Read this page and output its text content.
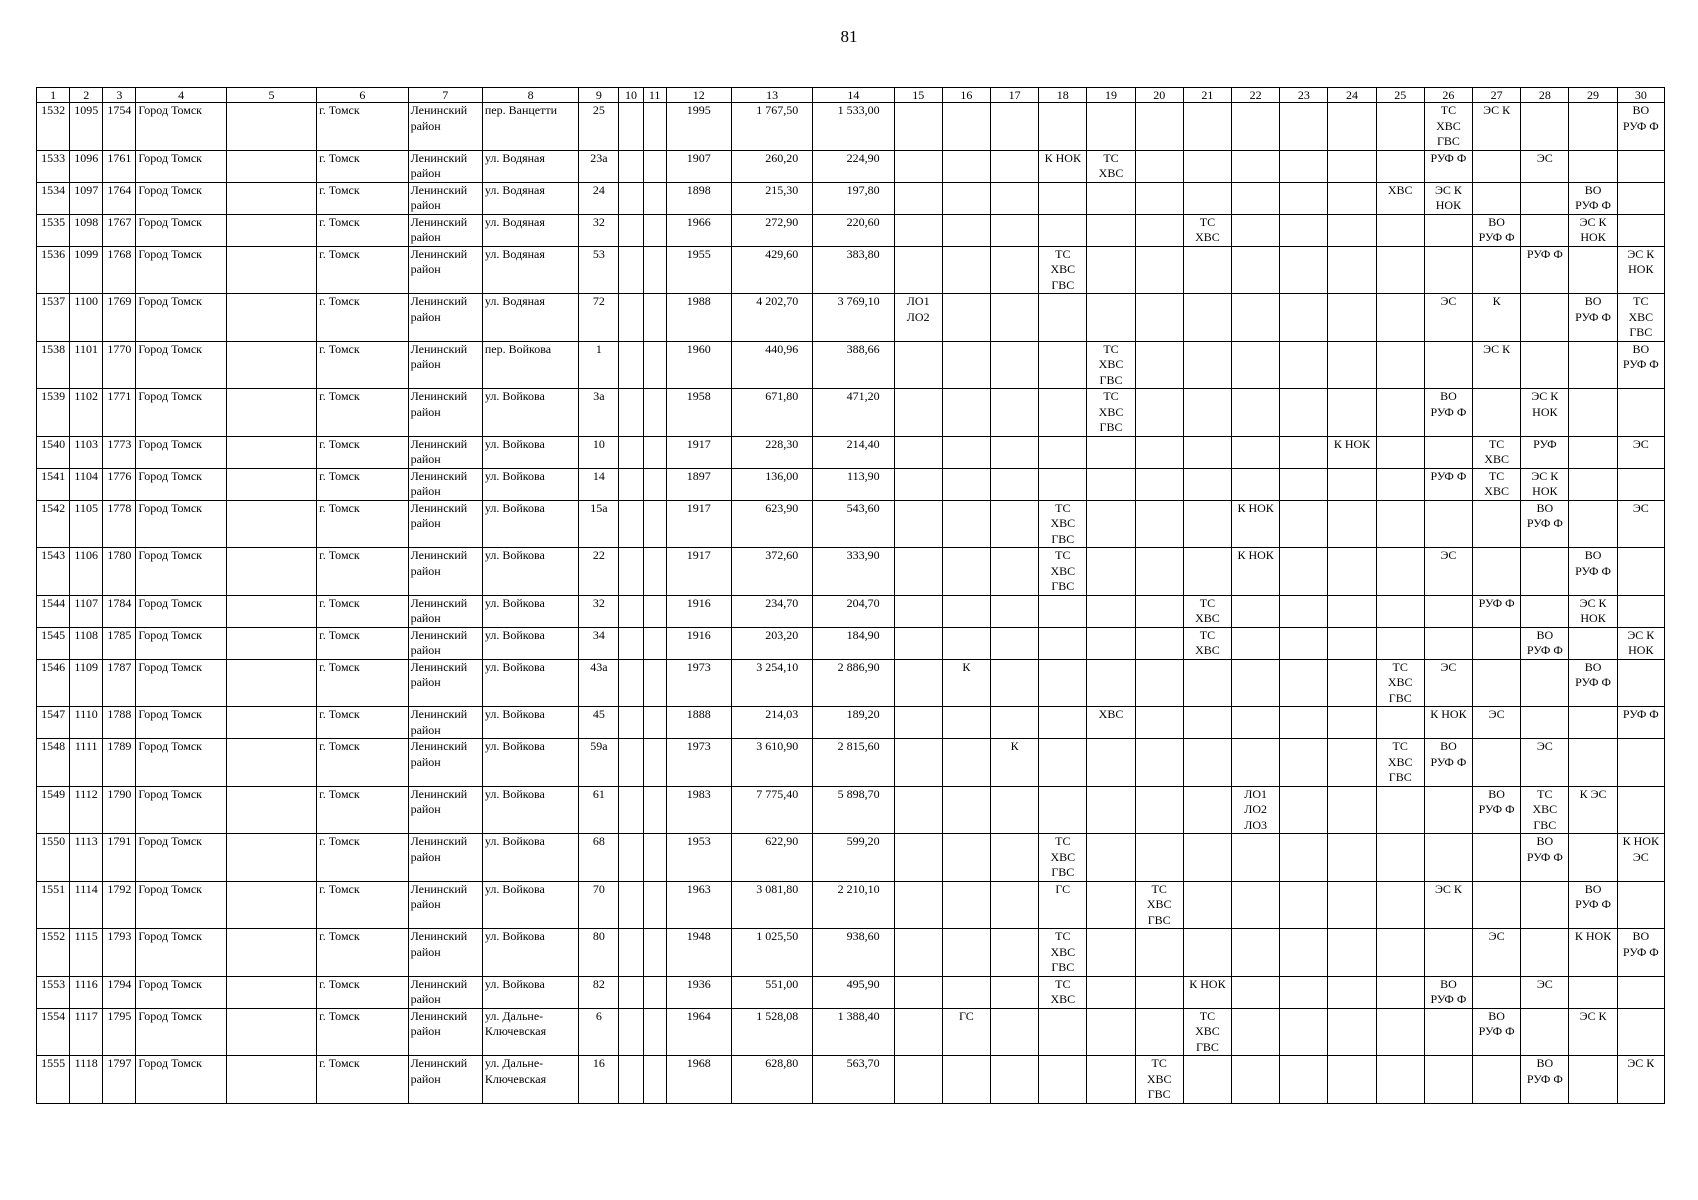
81
1	2	3	4	5	6	7	8	9	10	11	12	13	14	15	16	17	18	19	20	21	22	23	24	25	26	27	28	29	30
1532	1095	1754	Город Томск		г. Томск	Ленинский
район	пер. Ванцетти	25			1995	1 767,50	1 533,00												ТС
ХВС
ГВС	ЭС К			ВО
РУФ Ф
1533	1096	1761	Город Томск		г. Томск	Ленинский
район	ул. Водяная	23а			1907	260,20	224,90				К НОК	ТС
ХВС							РУФ Ф		ЭС		
1534	1097	1764	Город Томск		г. Томск	Ленинский
район	ул. Водяная	24			1898	215,30	197,80											ХВС	ЭС К
НОК			ВО
РУФ Ф	
1535	1098	1767	Город Томск		г. Томск	Ленинский
район	ул. Водяная	32			1966	272,90	220,60							ТС
ХВС						ВО
РУФ Ф		ЭС К
НОК	
1536	1099	1768	Город Томск		г. Томск	Ленинский
район	ул. Водяная	53			1955	429,60	383,80				ТС
ХВС
ГВС										РУФ Ф		ЭС К
НОК
1537	1100	1769	Город Томск		г. Томск	Ленинский
район	ул. Водяная	72			1988	4 202,70	3 769,10	ЛО1
ЛО2											ЭС	К		ВО
РУФ Ф	ТС
ХВС
ГВС
1538	1101	1770	Город Томск		г. Томск	Ленинский
район	пер. Войкова	1			1960	440,96	388,66					ТС
ХВС
ГВС								ЭС К			ВО
РУФ Ф
1539	1102	1771	Город Томск		г. Томск	Ленинский
район	ул. Войкова	3а			1958	671,80	471,20					ТС
ХВС
ГВС							ВО
РУФ Ф		ЭС К
НОК		
1540	1103	1773	Город Томск		г. Томск	Ленинский
район	ул. Войкова	10			1917	228,30	214,40										К НОК			ТС
ХВС	РУФ		ЭС
1541	1104	1776	Город Томск		г. Томск	Ленинский
район	ул. Войкова	14			1897	136,00	113,90												РУФ Ф	ТС
ХВС	ЭС К
НОК		
1542	1105	1778	Город Томск		г. Томск	Ленинский
район	ул. Войкова	15а			1917	623,90	543,60				ТС
ХВС
ГВС				К НОК						ВО
РУФ Ф		ЭС
1543	1106	1780	Город Томск		г. Томск	Ленинский
район	ул. Войкова	22			1917	372,60	333,90				ТС
ХВС
ГВС				К НОК				ЭС			ВО
РУФ Ф	
1544	1107	1784	Город Томск		г. Томск	Ленинский
район	ул. Войкова	32			1916	234,70	204,70							ТС
ХВС						РУФ Ф		ЭС К
НОК	
1545	1108	1785	Город Томск		г. Томск	Ленинский
район	ул. Войкова	34			1916	203,20	184,90							ТС
ХВС							ВО
РУФ Ф		ЭС К
НОК
1546	1109	1787	Город Томск		г. Томск	Ленинский
район	ул. Войкова	43а			1973	3 254,10	2 886,90		К									ТС
ХВС
ГВС	ЭС			ВО
РУФ Ф	
1547	1110	1788	Город Томск		г. Томск	Ленинский
район	ул. Войкова	45			1888	214,03	189,20					ХВС							К НОК	ЭС			РУФ Ф
1548	1111	1789	Город Томск		г. Томск	Ленинский
район	ул. Войкова	59а			1973	3 610,90	2 815,60			К								ТС
ХВС
ГВС	ВО
РУФ Ф		ЭС		
1549	1112	1790	Город Томск		г. Томск	Ленинский
район	ул. Войкова	61			1983	7 775,40	5 898,70								ЛО1
ЛО2
ЛО3					ВО
РУФ Ф	ТС
ХВС
ГВС	К ЭС	
1550	1113	1791	Город Томск		г. Томск	Ленинский
район	ул. Войкова	68			1953	622,90	599,20				ТС
ХВС
ГВС										ВО
РУФ Ф		К НОК
ЭС
1551	1114	1792	Город Томск		г. Томск	Ленинский
район	ул. Войкова	70			1963	3 081,80	2 210,10				ГС		ТС
ХВС
ГВС						ЭС К			ВО
РУФ Ф	
1552	1115	1793	Город Томск		г. Томск	Ленинский
район	ул. Войкова	80			1948	1 025,50	938,60				ТС
ХВС
ГВС									ЭС		К НОК	ВО
РУФ Ф
1553	1116	1794	Город Томск		г. Томск	Ленинский
район	ул. Войкова	82			1936	551,00	495,90				ТС
ХВС			К НОК					ВО
РУФ Ф		ЭС		
1554	1117	1795	Город Томск		г. Томск	Ленинский
район	ул. Дальне-
Ключевская	6			1964	1 528,08	1 388,40		ГС					ТС
ХВС
ГВС						ВО
РУФ Ф		ЭС К	
1555	1118	1797	Город Томск		г. Томск	Ленинский
район	ул. Дальне-
Ключевская	16			1968	628,80	563,70						ТС
ХВС
ГВС								ВО
РУФ Ф		ЭС К
